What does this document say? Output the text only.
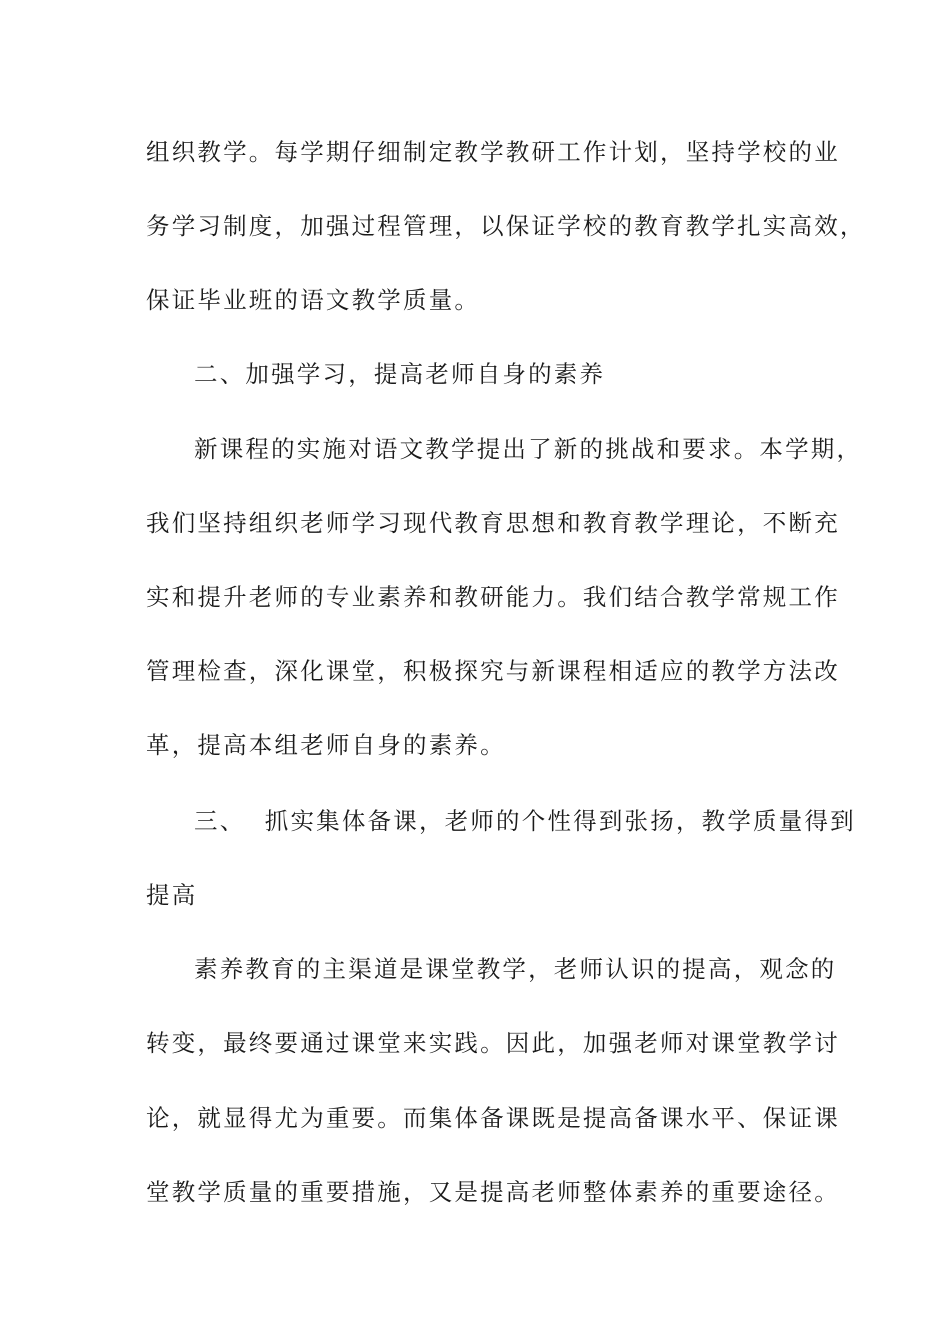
组织教学。每学期仔细制定教学教研工作计划，坚持学校的业
务学习制度，加强过程管理，以保证学校的教育教学扎实高效，
保证毕业班的语文教学质量。
二、加强学习，提高老师自身的素养
新课程的实施对语文教学提出了新的挑战和要求。本学期，
我们坚持组织老师学习现代教育思想和教育教学理论，不断充
实和提升老师的专业素养和教研能力。我们结合教学常规工作
管理检查，深化课堂，积极探究与新课程相适应的教学方法改
革，提高本组老师自身的素养。
三、  抓实集体备课，老师的个性得到张扬，教学质量得到
提高
素养教育的主渠道是课堂教学，老师认识的提高，观念的
转变，最终要通过课堂来实践。因此，加强老师对课堂教学讨
论，就显得尤为重要。而集体备课既是提高备课水平、保证课
堂教学质量的重要措施，又是提高老师整体素养的重要途径。
